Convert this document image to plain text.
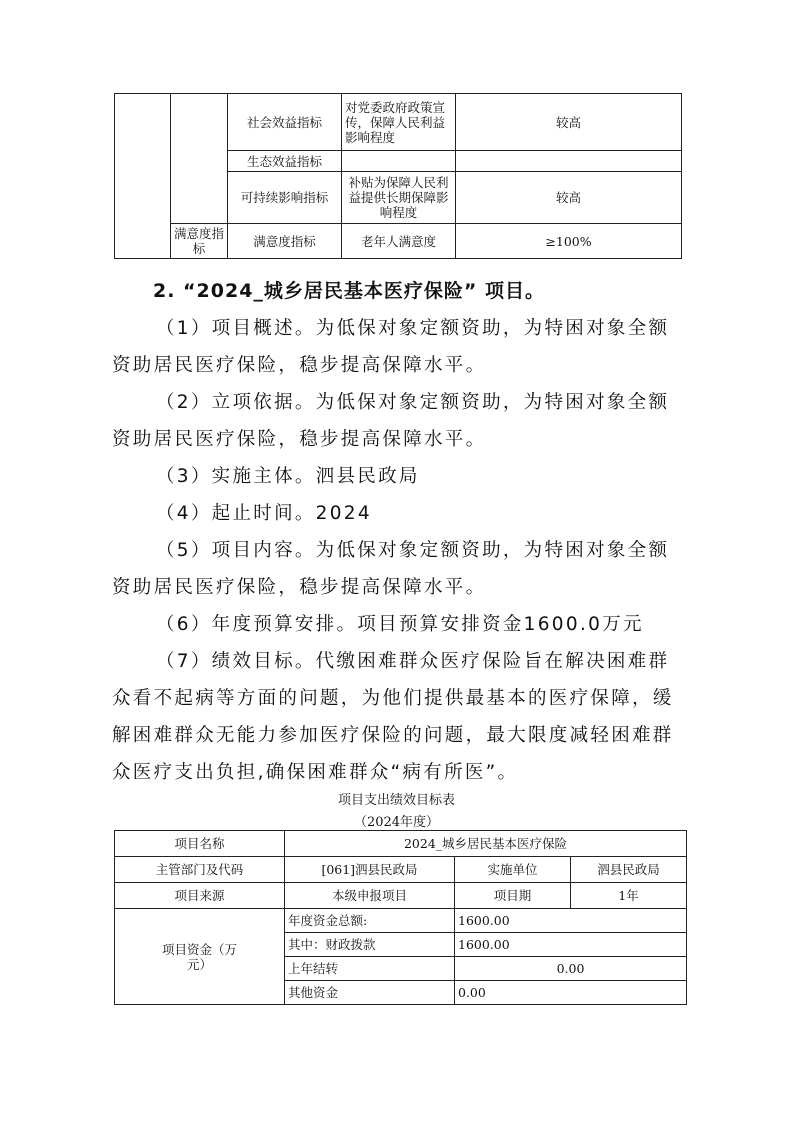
		社会效益指标	对党委政府政策宣传，保障人民利益影响程度	较高
		生态效益指标		
		可持续影响指标	补贴为保障人民利益提供长期保障影响程度	较高
	满意度指标	满意度指标	老年人满意度	≥100%
2. “2024_城乡居民基本医疗保险” 项目。
（1）项目概述。为低保对象定额资助，为特困对象全额资助居民医疗保险，稳步提高保障水平。
（2）立项依据。为低保对象定额资助，为特困对象全额资助居民医疗保险，稳步提高保障水平。
（3）实施主体。泗县民政局
（4）起止时间。2024
（5）项目内容。为低保对象定额资助，为特困对象全额资助居民医疗保险，稳步提高保障水平。
（6）年度预算安排。项目预算安排资金1600.0万元
（7）绩效目标。代缴困难群众医疗保险旨在解决困难群众看不起病等方面的问题，为他们提供最基本的医疗保障，缓解困难群众无能力参加医疗保险的问题，最大限度减轻困难群众医疗支出负担,确保困难群众“病有所医”。
项目支出绩效目标表
（2024年度）
项目名称	2024_城乡居民基本医疗保险		
主管部门及代码	[061]泗县民政局	实施单位	泗县民政局
项目来源	本级申报项目	项目期	1年

项目资金（万元）	年度资金总额:	1600.00	
	其中：财政拨款	1600.00	
	上年结转	0.00	
	其他资金	0.00	
